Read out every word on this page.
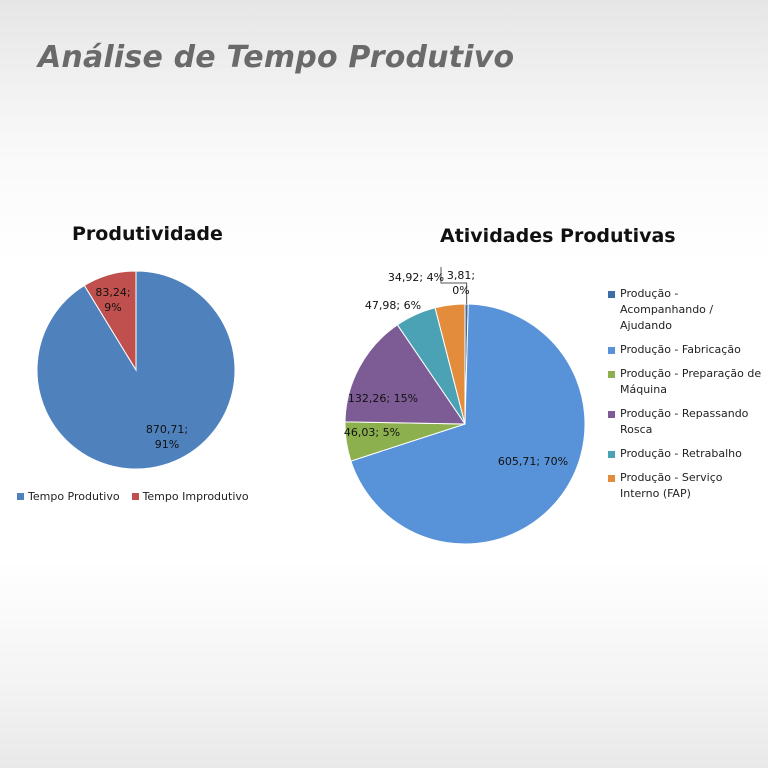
Análise de Tempo Produtivo
Produtividade
870,71; 91%
83,24; 9%
Tempo Produtivo Tempo Improdutivo
Atividades Produtivas
3,81; 0%
605,71; 70%
46,03; 5%
132,26; 15%
47,98; 6%
34,92; 4%
Produção - Acompanhando / Ajudando
Produção - Fabricação
Produção - Preparação de Máquina
Produção - Repassando Rosca
Produção - Retrabalho
Produção - Serviço Interno (FAP)
